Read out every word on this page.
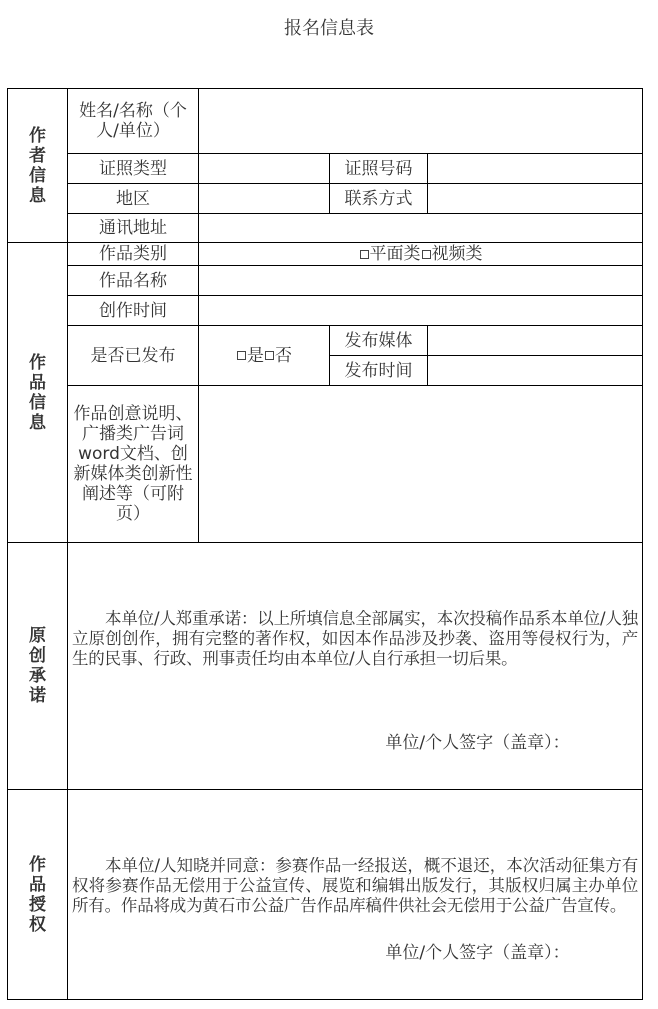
报名信息表
作者信息	姓名/名称（个人/单位）			
	证照类型		证照号码	
	地区		联系方式	
	通讯地址			
作品信息	作品类别	平面类 视频类		
	作品名称			
	创作时间			
	是否已发布	是 否	发布媒体	
			发布时间	
	作品创意说明、广播类广告词word文档、创新媒体类创新性阐述等（可附页）			
原创承诺	本单位/人郑重承诺：以上所填信息全部属实，本次投稿作品系本单位/人独立原创创作，拥有完整的著作权，如因本作品涉及抄袭、盗用等侵权行为，产生的民事、行政、刑事责任均由本单位/人自行承担一切后果。

单位/个人签字（盖章）：			

作品授权	本单位/人知晓并同意：参赛作品一经报送，概不退还，本次活动征集方有权将参赛作品无偿用于公益宣传、展览和编辑出版发行，其版权归属主办单位所有。作品将成为黄石市公益广告作品库稿件供社会无偿用于公益广告宣传。

单位/个人签字（盖章）：			
